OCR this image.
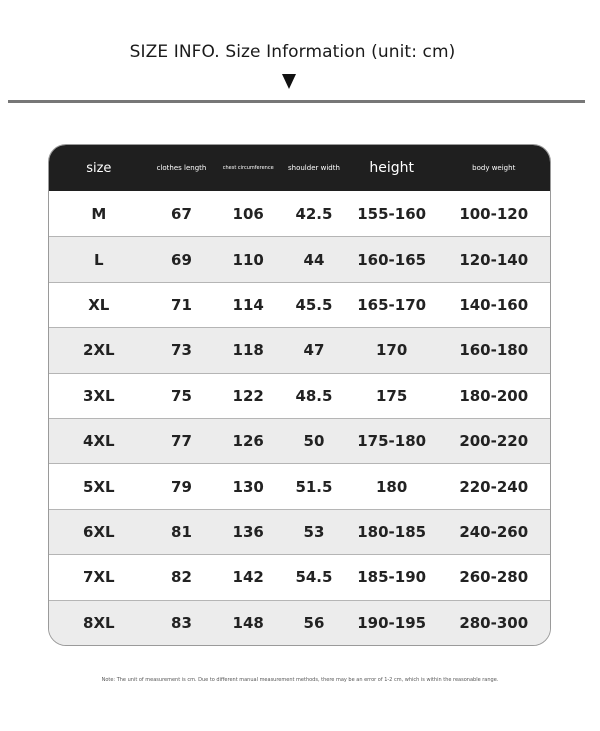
SIZE INFO. Size Information (unit: cm)
size	clothes length	chest circumference	shoulder width	height	body weight
M	67	106	42.5	155-160	100-120
L	69	110	44	160-165	120-140
XL	71	114	45.5	165-170	140-160
2XL	73	118	47	170	160-180
3XL	75	122	48.5	175	180-200
4XL	77	126	50	175-180	200-220
5XL	79	130	51.5	180	220-240
6XL	81	136	53	180-185	240-260
7XL	82	142	54.5	185-190	260-280
8XL	83	148	56	190-195	280-300
Note: The unit of measurement is cm. Due to different manual measurement methods, there may be an error of 1-2 cm, which is within the reasonable range.
